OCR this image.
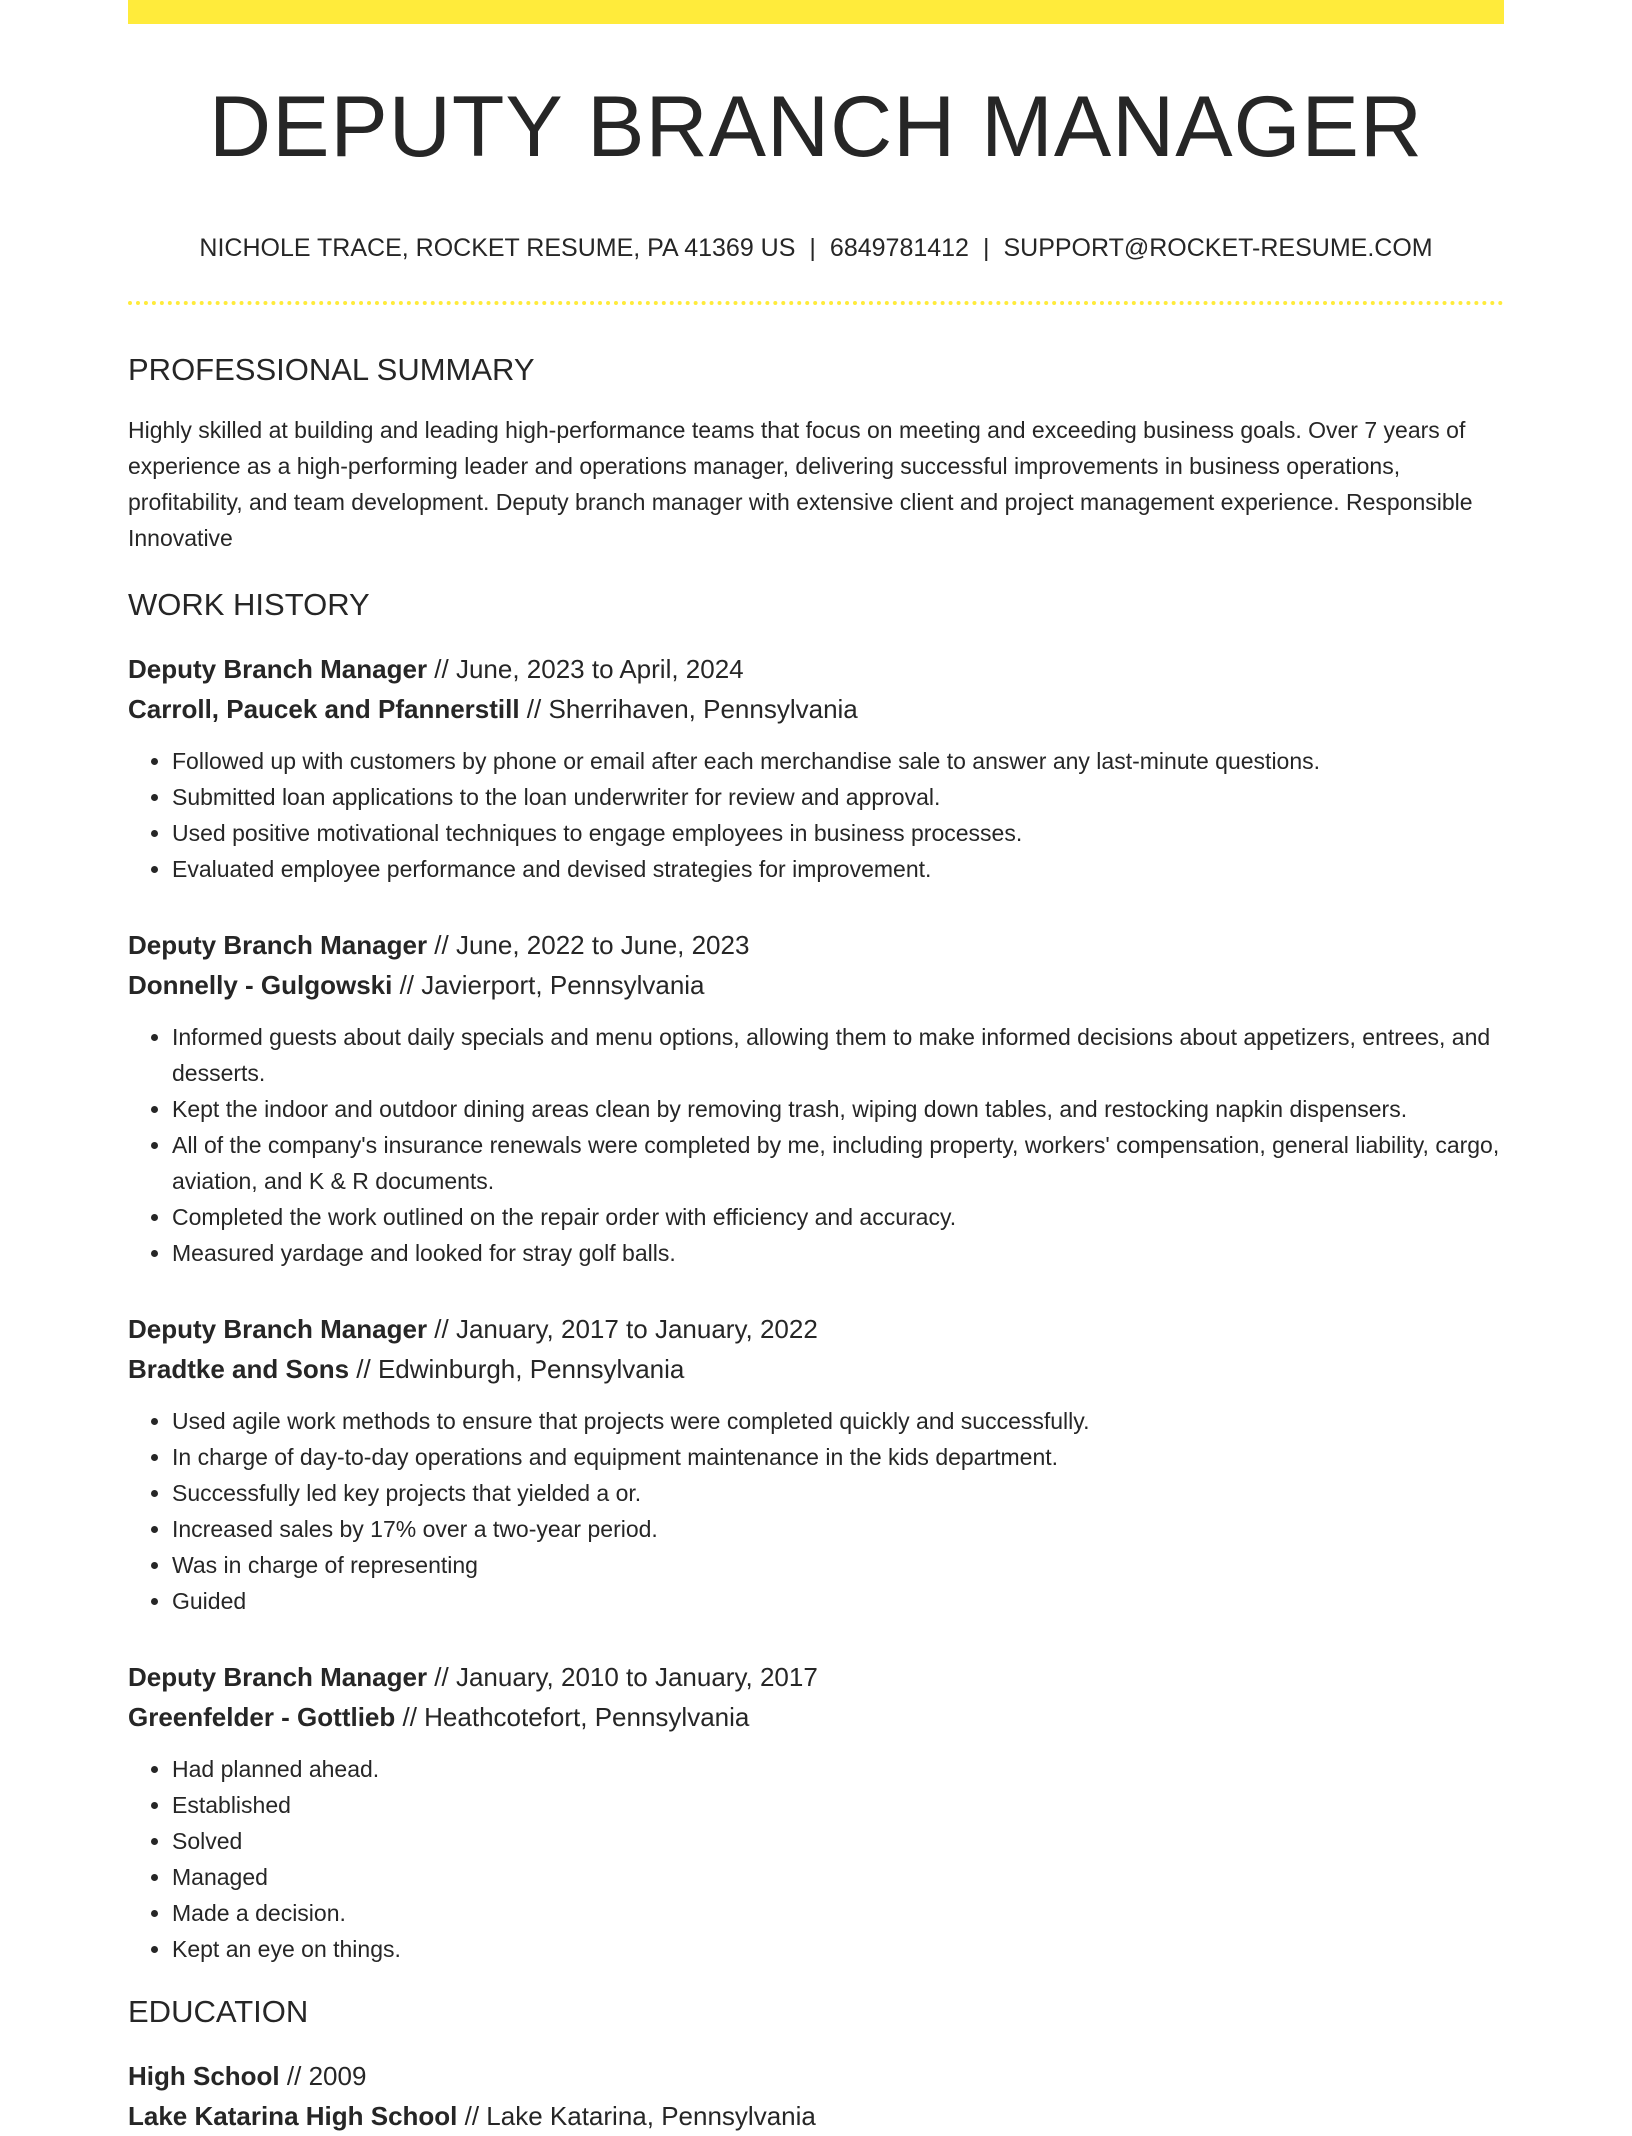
DEPUTY BRANCH MANAGER
NICHOLE TRACE, ROCKET RESUME, PA 41369 US | 6849781412 | SUPPORT@ROCKET-RESUME.COM
PROFESSIONAL SUMMARY
Highly skilled at building and leading high-performance teams that focus on meeting and exceeding business goals. Over 7 years of experience as a high-performing leader and operations manager, delivering successful improvements in business operations, profitability, and team development. Deputy branch manager with extensive client and project management experience. Responsible Innovative
WORK HISTORY
Deputy Branch Manager // June, 2023 to April, 2024
Carroll, Paucek and Pfannerstill // Sherrihaven, Pennsylvania
• Followed up with customers by phone or email after each merchandise sale to answer any last-minute questions.
• Submitted loan applications to the loan underwriter for review and approval.
• Used positive motivational techniques to engage employees in business processes.
• Evaluated employee performance and devised strategies for improvement.
Deputy Branch Manager // June, 2022 to June, 2023
Donnelly - Gulgowski // Javierport, Pennsylvania
• Informed guests about daily specials and menu options, allowing them to make informed decisions about appetizers, entrees, and desserts.
• Kept the indoor and outdoor dining areas clean by removing trash, wiping down tables, and restocking napkin dispensers.
• All of the company's insurance renewals were completed by me, including property, workers' compensation, general liability, cargo, aviation, and K & R documents.
• Completed the work outlined on the repair order with efficiency and accuracy.
• Measured yardage and looked for stray golf balls.
Deputy Branch Manager // January, 2017 to January, 2022
Bradtke and Sons // Edwinburgh, Pennsylvania
• Used agile work methods to ensure that projects were completed quickly and successfully.
• In charge of day-to-day operations and equipment maintenance in the kids department.
• Successfully led key projects that yielded a or.
• Increased sales by 17% over a two-year period.
• Was in charge of representing
• Guided
Deputy Branch Manager // January, 2010 to January, 2017
Greenfelder - Gottlieb // Heathcotefort, Pennsylvania
• Had planned ahead.
• Established
• Solved
• Managed
• Made a decision.
• Kept an eye on things.
EDUCATION
High School // 2009
Lake Katarina High School // Lake Katarina, Pennsylvania
